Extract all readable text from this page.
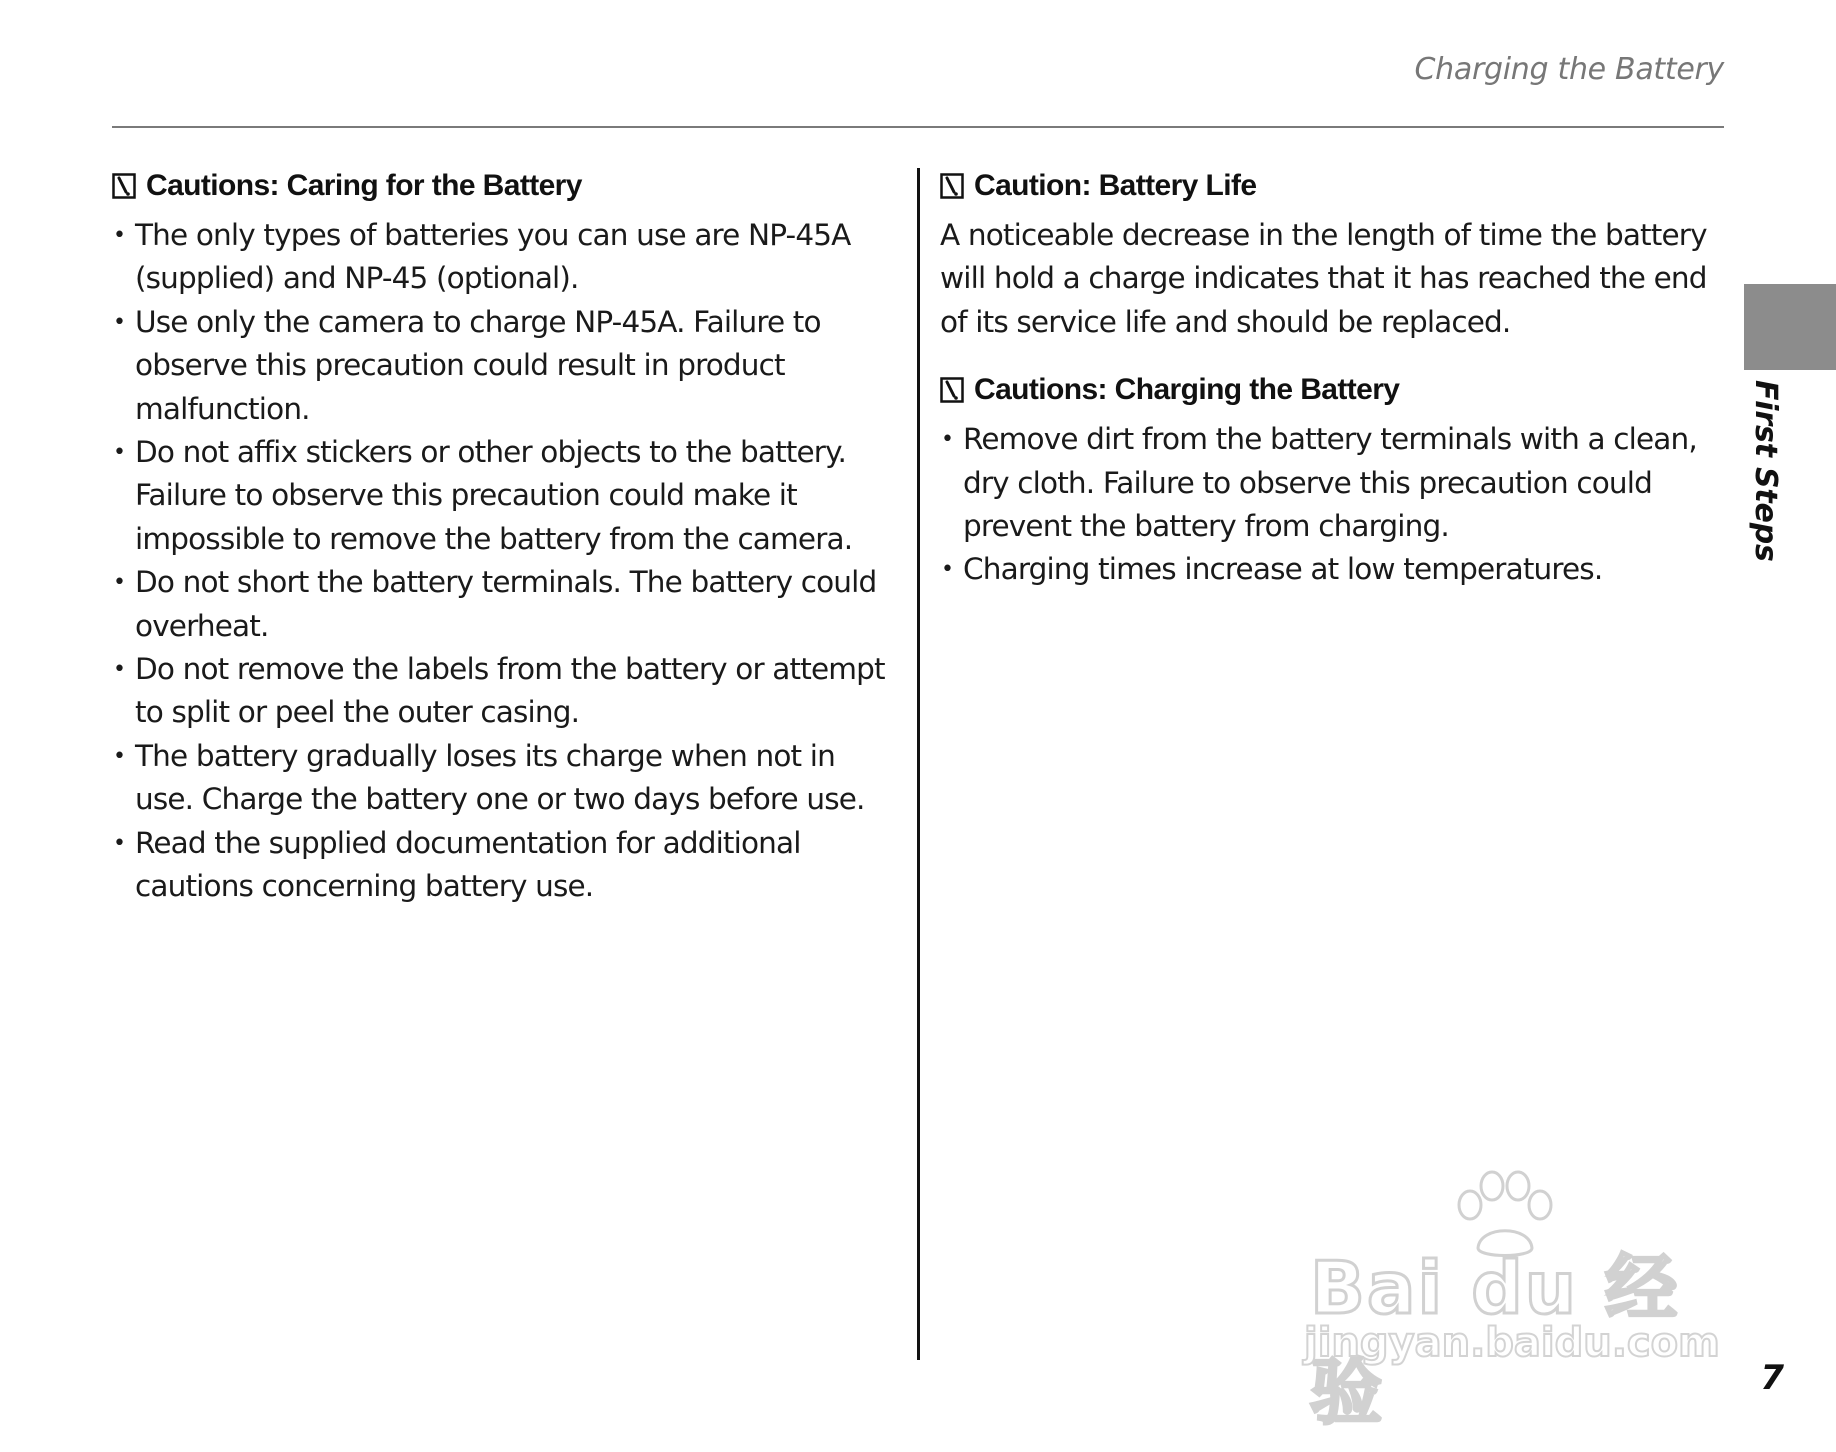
Charging the Battery
Cautions: Caring for the Battery
• The only types of batteries you can use are NP-45A (supplied) and NP-45 (optional).
• Use only the camera to charge NP-45A. Failure to observe this precaution could result in product malfunction.
• Do not affix stickers or other objects to the battery. Failure to observe this precaution could make it impossible to remove the battery from the camera.
• Do not short the battery terminals. The battery could overheat.
• Do not remove the labels from the battery or attempt to split or peel the outer casing.
• The battery gradually loses its charge when not in use. Charge the battery one or two days before use.
• Read the supplied documentation for additional cautions concerning battery use.
Caution: Battery Life
A noticeable decrease in the length of time the battery will hold a charge indicates that it has reached the end of its service life and should be replaced.
Cautions: Charging the Battery
• Remove dirt from the battery terminals with a clean, dry cloth. Failure to observe this precaution could prevent the battery from charging.
• Charging times increase at low temperatures.
First Steps
7
Bai du 经验
jingyan.baidu.com
